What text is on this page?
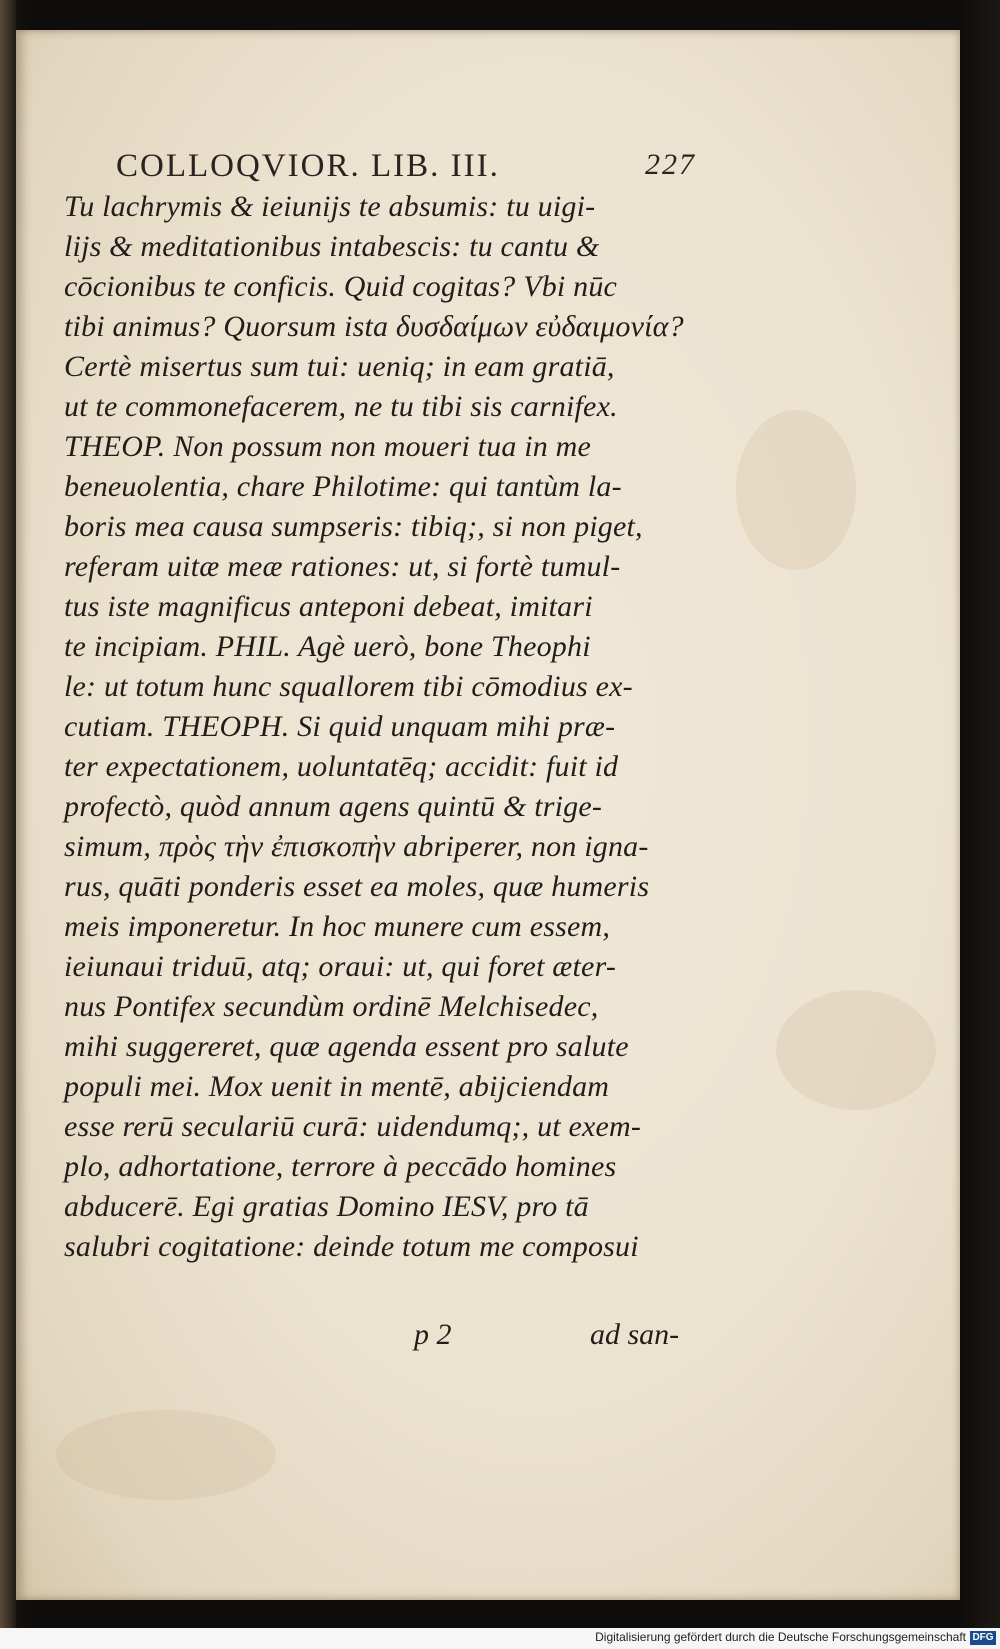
COLLOQVIOR. LIB. III.	227
Tu lachrymis & ieiunijs te absumis: tu uigi-
lijs & meditationibus intabescis: tu cantu &
cōcionibus te conficis. Quid cogitas? Vbi nūc
tibi animus? Quorsum ista δυσδαίμων εὐδαιμονία?
Certè misertus sum tui: ueniq; in eam gratiā,
ut te commonefacerem, ne tu tibi sis carnifex.
THEOP. Non possum non moueri tua in me
beneuolentia, chare Philotime: qui tantùm la-
boris mea causa sumpseris: tibiq;, si non piget,
referam uitæ meæ rationes: ut, si fortè tumul-
tus iste magnificus anteponi debeat, imitari
te incipiam. PHIL. Agè uerò, bone Theophi
le: ut totum hunc squallorem tibi cōmodius ex-
cutiam. THEOPH. Si quid unquam mihi præ-
ter expectationem, uoluntatēq; accidit: fuit id
profectò, quòd annum agens quintū & trige-
simum, πρὸς τὴν ἐπισκοπὴν abriperer, non igna-
rus, quāti ponderis esset ea moles, quæ humeris
meis imponeretur. In hoc munere cum essem,
ieiunaui triduū, atq; oraui: ut, qui foret æter-
nus Pontifex secundùm ordinē Melchisedec,
mihi suggereret, quæ agenda essent pro salute
populi mei. Mox uenit in mentē, abijciendam
esse rerū seculariū curā: uidendumq;, ut exem-
plo, adhortatione, terrore à peccādo homines
abducerē. Egi gratias Domino IESV, pro tā
salubri cogitatione: deinde totum me composui
p 2	ad san-
Digitalisierung gefördert durch die Deutsche Forschungsgemeinschaft DFG
